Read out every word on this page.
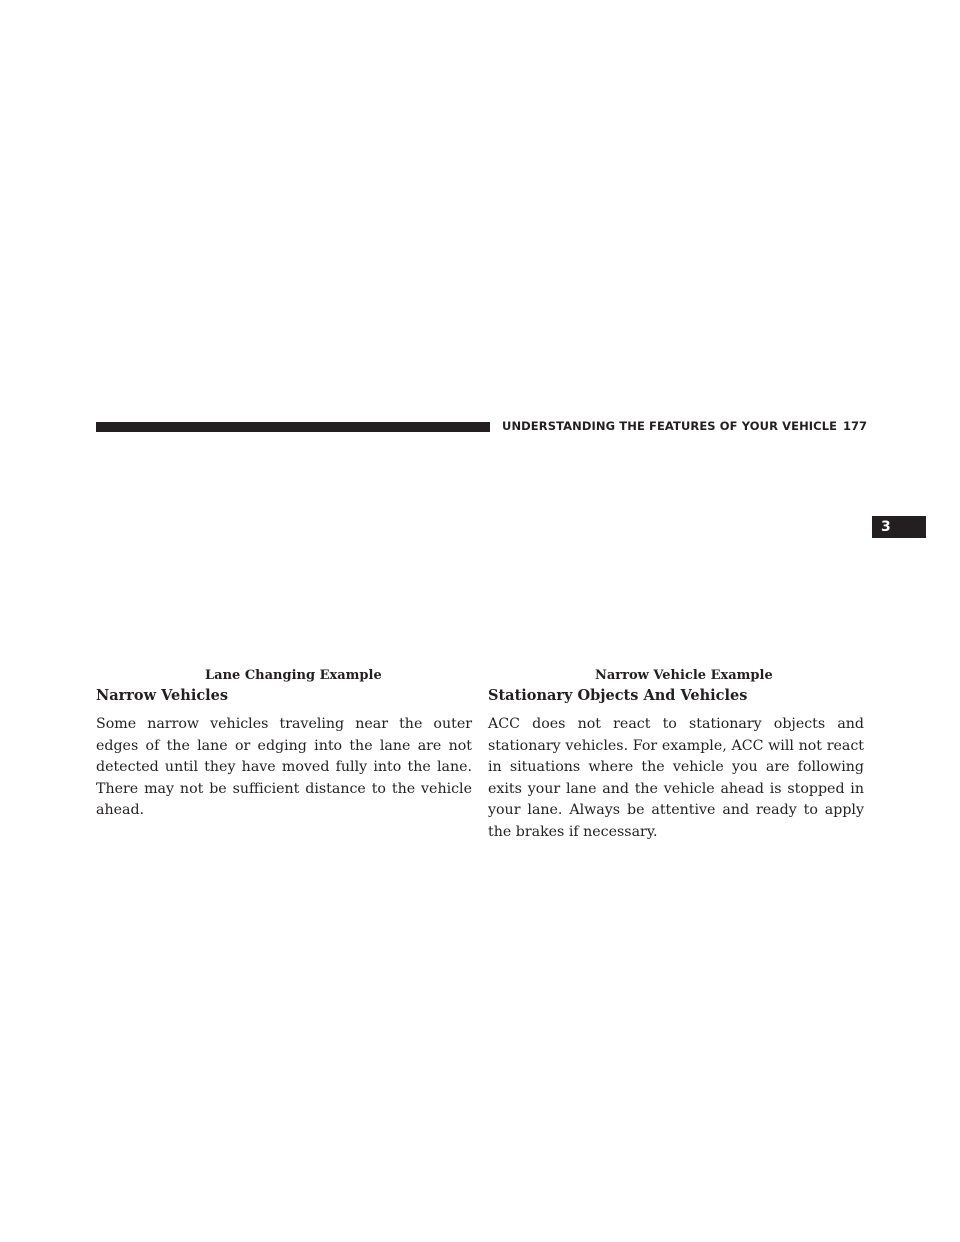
UNDERSTANDING THE FEATURES OF YOUR VEHICLE 177
3
Lane Changing Example	Narrow Vehicle Example
Narrow Vehicles	Stationary Objects And Vehicles

Some narrow vehicles traveling near the outer edges of the lane or edging into the lane are not detected until they have moved fully into the lane. There may not be sufficient distance to the vehicle ahead.

ACC does not react to stationary objects and stationary vehicles. For example, ACC will not react in situations where the vehicle you are following exits your lane and the vehicle ahead is stopped in your lane. Always be attentive and ready to apply the brakes if necessary.
